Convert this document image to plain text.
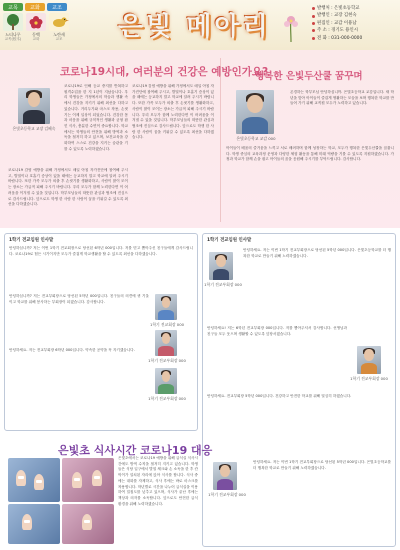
교목	교화	교조
느티나무
교목(校木)
동백
교화
노란새
교조 은빛 메아리
발행처 : 은빛초등학교
발행인 : 교장 김현숙
편집인 : 교감 이용남
주 소 : 경기도 용인시
전 화 : 031-000-0000
코로나19시대, 여러분의 건강은 예방인가요?
은빛초등학교 교장 김혜숙
코로나19로 인해 등교 중지를 반복하고 원격수업을 한 지 1년이 지났습니다. 우리 학생들은 가정에서의 학습과 생활 속에서 건강을 지키기 위해 최선을 다하고 있습니다. 거리두기와 마스크 착용, 손씻기는 이제 일상이 되었습니다. 건강한 몸과 마음을 위해 규칙적인 생활과 균형 잡힌 식사, 충분한 수면이 중요합니다. 학교에서는 학생들의 안전을 위해 방역과 소독을 철저히 하고 있으며, 보건교육을 강화하여 스스로 건강을 지키는 습관을 기를 수 있도록 노력하겠습니다.
코로나19 감염 예방을 위해 가정에서도 매일 아침 자가진단에 참여해 주시고, 발열이나 호흡기 증상이 있을 때에는 등교하지 말고 학교에 알려 주시기 바랍니다. 또한 가족 모두가 외출 후 손씻기를 생활화하고, 사람이 많이 모이는 장소는 가급적 피해 주시기 바랍니다. 우리 모두가 함께 노력한다면 이 어려움을 이겨낼 수 있을 것입니다. 학부모님들의 따뜻한 관심과 협조에 진심으로 감사드립니다. 앞으로도 학생 한 사람 한 사람이 꿈을 키워갈 수 있도록 최선을 다하겠습니다.
코로나19 감염 예방을 위해 가정에서도 매일 아침 자가진단에 참여해 주시고, 발열이나 호흡기 증상이 있을 때에는 등교하지 말고 학교에 알려 주시기 바랍니다. 또한 가족 모두가 외출 후 손씻기를 생활화하고, 사람이 많이 모이는 장소는 가급적 피해 주시기 바랍니다. 우리 모두가 함께 노력한다면 이 어려움을 이겨낼 수 있을 것입니다. 학부모님들의 따뜻한 관심과 협조에 진심으로 감사드립니다. 앞으로도 학생 한 사람 한 사람이 꿈을 키워갈 수 있도록 최선을 다하겠습니다.
행복한 은빛두산쿨 꿈꾸며
은빛초등학교 교감 000
존경하는 학부모님 안녕하십니까. 은빛초등학교 교감입니다. 새 학년을 맞아 아이들이 즐겁게 생활하는 모습을 보며 행복한 학교를 만들어 가기 위해 교직원 모두가 노력하고 있습니다.
아이들이 배움의 즐거움을 느끼고 서로 배려하며 함께 성장하는 학교, 모두가 행복한 은빛두산쿨을 꿈꿉니다. 학생 중심의 교육과정 운영과 다양한 체험 활동을 통해 미래 역량을 기를 수 있도록 지원하겠습니다. 가정과 학교가 함께 손을 잡고 아이들의 꿈을 응원해 주시기를 부탁드립니다. 감사합니다.
1학기 전교임원 인사말
안녕하십니까? 저는 이번 1학기 전교회장으로 당선된 6학년 000입니다. 저를 믿고 뽑아주신 친구들에게 감사드립니다. 코로나19로 힘든 시기이지만 모두가 즐겁게 학교생활을 할 수 있도록 최선을 다하겠습니다.
1학기 전교회장 000
안녕하십니까? 저는 전교부회장으로 당선된 5학년 000입니다. 친구들의 의견에 귀 기울이고 학교를 위해 봉사하는 부회장이 되겠습니다. 감사합니다.
1학기 전교부회장 000
안녕하세요. 저는 전교부회장 6학년 000입니다. 약속한 공약을 꼭 지키겠습니다.
1학기 전교부회장 000
1학기 전교임원 인사말
1학기 전교부회장 000
안녕하세요. 저는 이번 1학기 전교부회장으로 당선된 5학년 000입니다. 은빛초등학교를 더 행복한 학교로 만들기 위해 노력하겠습니다.
안녕하세요! 저는 6학년 전교부회장 000입니다. 저를 뽑아주셔서 감사합니다. 선생님과 친구들 모두 웃으며 생활할 수 있도록 앞장서겠습니다.
1학기 전교부회장 000
안녕하세요. 전교부회장 5학년 000입니다. 건강하고 안전한 학교를 위해 열심히 하겠습니다.
1학기 전교부회장 000
안녕하세요. 저는 이번 1학기 전교부회장으로 당선된 5학년 000입니다. 은빛초등학교를 더 행복한 학교로 만들기 위해 노력하겠습니다.
은빛초 식사시간 코로나19 대응
은빛초에서는 코로나19 예방을 위해 급식실 식사시간에도 방역 수칙을 철저히 지키고 있습니다. 학생들은 식당 입구에서 발열 체크와 손 소독을 한 후 칸막이가 설치된 자리에 앉아 식사를 합니다. 식사 중에는 대화를 자제하고, 식사 후에는 바로 마스크를 착용합니다. 학년별로 시간을 나누어 급식실을 이용하여 밀집도를 낮추고 있으며, 식사가 끝난 후에는 책상과 의자를 소독합니다. 앞으로도 안전한 급식 환경을 위해 노력하겠습니다.
